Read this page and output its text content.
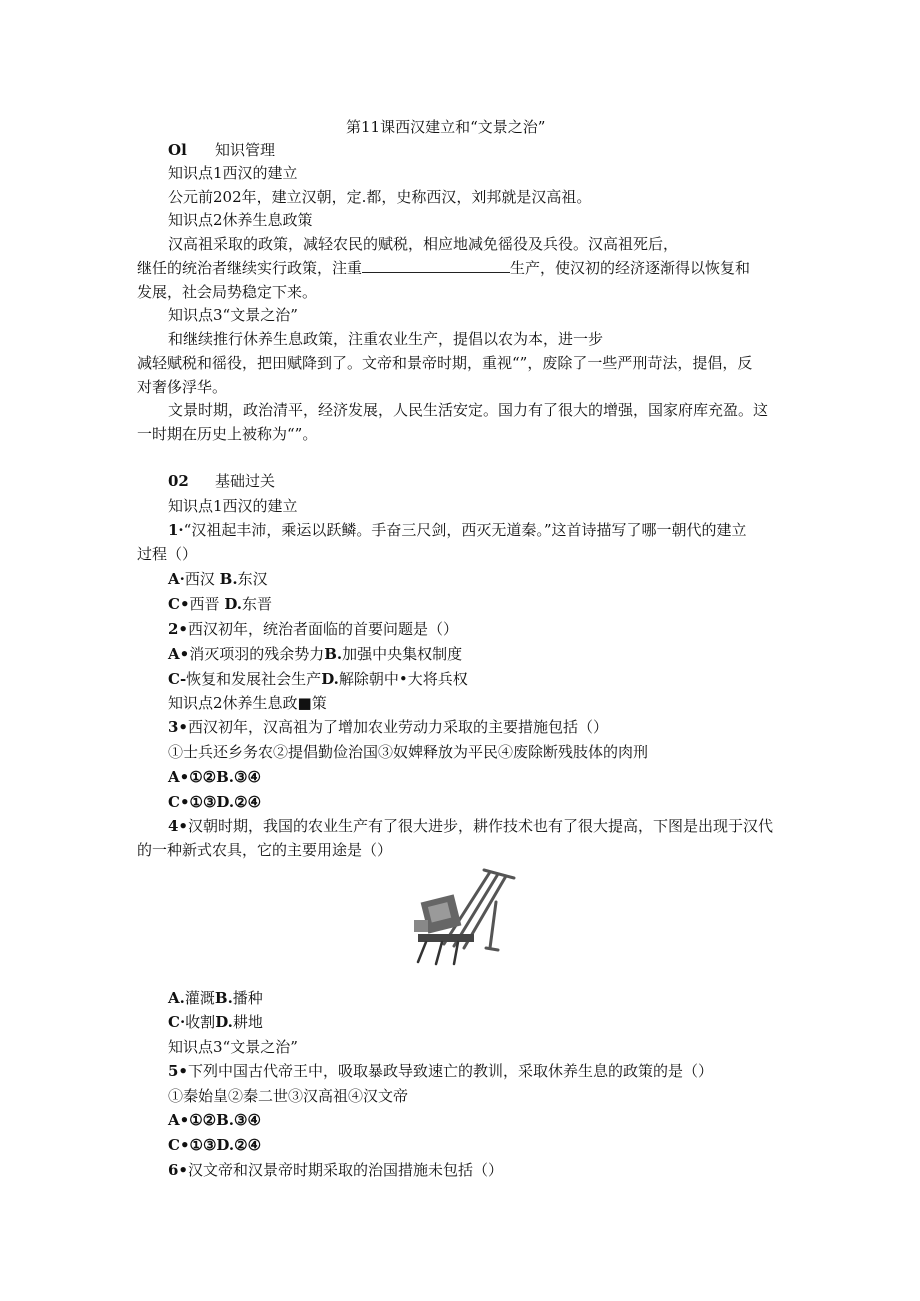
第11课西汉建立和“文景之治”
Ol 知识管理
知识点1西汉的建立
公元前202年，建立汉朝，定.都，史称西汉，刘邦就是汉高祖。
知识点2休养生息政策
汉高祖采取的政策，减轻农民的赋税，相应地减免徭役及兵役。汉高祖死后，
继任的统治者继续实行政策，注重	生产，使汉初的经济逐渐得以恢复和
发展，社会局势稳定下来。
知识点3“文景之治”
和继续推行休养生息政策，注重农业生产，提倡以农为本，进一步
减轻赋税和徭役，把田赋降到了。文帝和景帝时期，重视“”，废除了一些严刑苛法，提倡，反
对奢侈浮华。
文景时期，政治清平，经济发展，人民生活安定。国力有了很大的增强，国家府库充盈。这
一时期在历史上被称为“”。
02 基础过关
知识点1西汉的建立
1·“汉祖起丰沛，乘运以跃鳞。手奋三尺剑，西灭无道秦。”这首诗描写了哪一朝代的建立
过程（）
A·西汉 B.东汉
C•西晋 D.东晋
2•西汉初年，统治者面临的首要问题是（）
A•消灭项羽的残余势力B.加强中央集权制度
C-恢复和发展社会生产D.解除朝中•大将兵权
知识点2休养生息政■策
3•西汉初年，汉高祖为了增加农业劳动力采取的主要措施包括（）
①士兵还乡务农②提倡勤俭治国③奴婢释放为平民④废除断残肢体的肉刑
A•①②B.③④
C•①③D.②④
4•汉朝时期，我国的农业生产有了很大进步，耕作技术也有了很大提高，下图是出现于汉代
的一种新式农具，它的主要用途是（）
A.灌溉B.播种
C·收割D.耕地
知识点3“文景之治”
5•下列中国古代帝王中，吸取暴政导致速亡的教训，采取休养生息的政策的是（）
①秦始皇②秦二世③汉高祖④汉文帝
A•①②B.③④
C•①③D.②④
6•汉文帝和汉景帝时期采取的治国措施未包括（）
